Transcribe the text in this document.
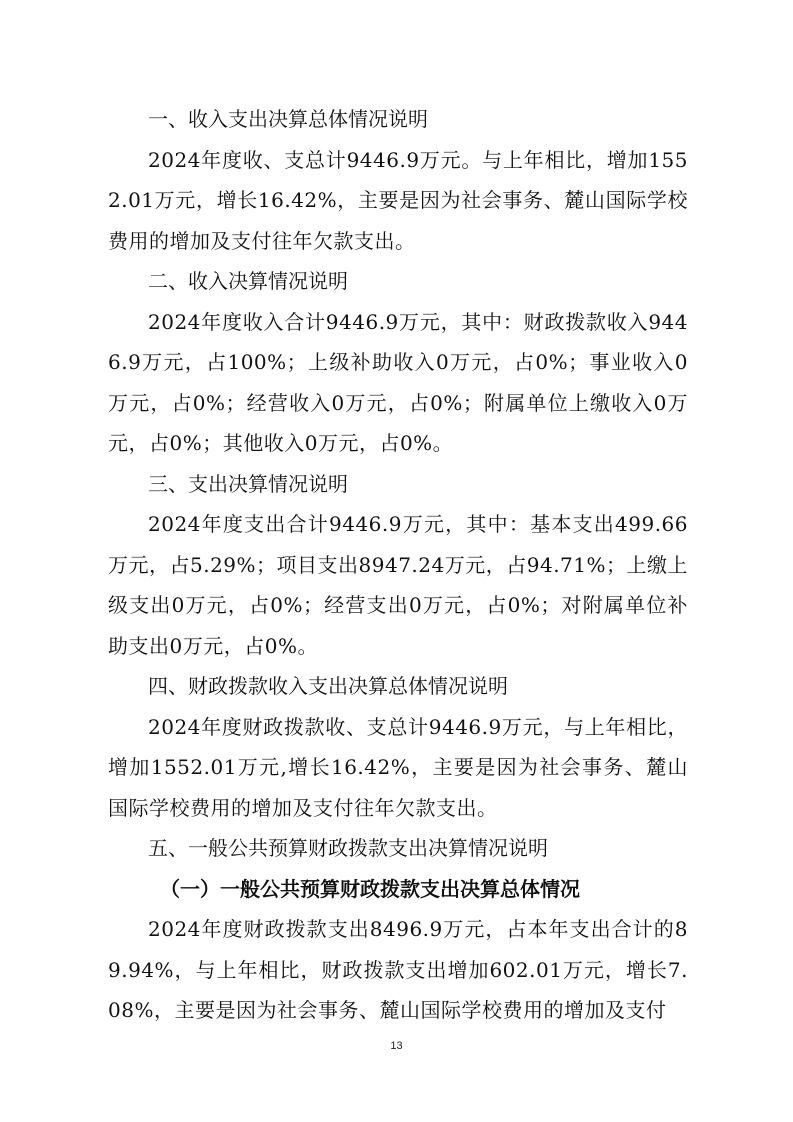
一、收入支出决算总体情况说明

2024年度收、支总计9446.9万元。与上年相比，增加1552.01万元，增长16.42%，主要是因为社会事务、麓山国际学校费用的增加及支付往年欠款支出。

二、收入决算情况说明

2024年度收入合计9446.9万元，其中：财政拨款收入9446.9万元，占100%；上级补助收入0万元，占0%；事业收入0万元，占0%；经营收入0万元，占0%；附属单位上缴收入0万元，占0%；其他收入0万元，占0%。

三、支出决算情况说明

2024年度支出合计9446.9万元，其中：基本支出499.66万元，占5.29%；项目支出8947.24万元，占94.71%；上缴上级支出0万元，占0%；经营支出0万元，占0%；对附属单位补助支出0万元，占0%。

四、财政拨款收入支出决算总体情况说明

2024年度财政拨款收、支总计9446.9万元，与上年相比，增加1552.01万元,增长16.42%，主要是因为社会事务、麓山国际学校费用的增加及支付往年欠款支出。

五、一般公共预算财政拨款支出决算情况说明
（一）一般公共预算财政拨款支出决算总体情况

2024年度财政拨款支出8496.9万元，占本年支出合计的89.94%，与上年相比，财政拨款支出增加602.01万元，增长7.08%，主要是因为社会事务、麓山国际学校费用的增加及支付

13
